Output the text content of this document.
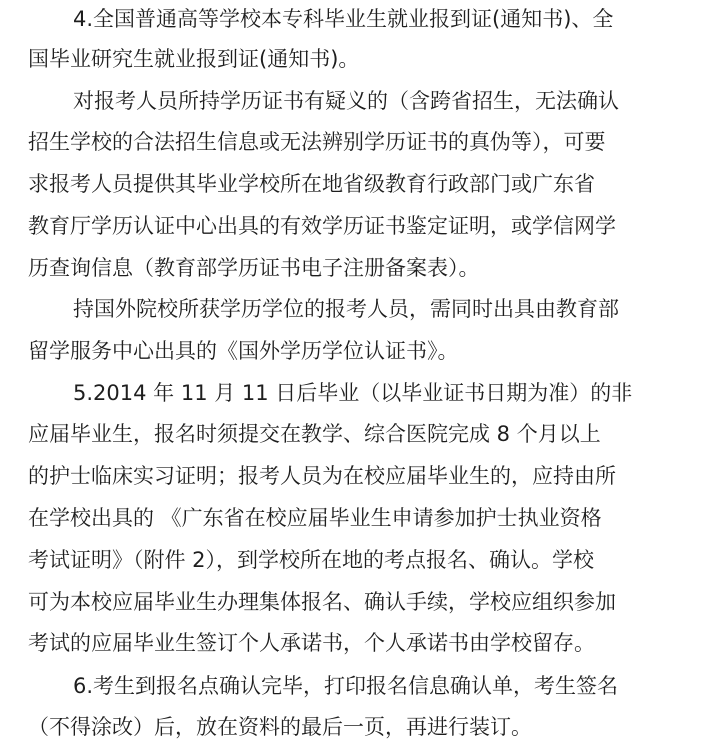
4.全国普通高等学校本专科毕业生就业报到证(通知书)、全
国毕业研究生就业报到证(通知书)。
对报考人员所持学历证书有疑义的（含跨省招生，无法确认
招生学校的合法招生信息或无法辨别学历证书的真伪等），可要
求报考人员提供其毕业学校所在地省级教育行政部门或广东省
教育厅学历认证中心出具的有效学历证书鉴定证明，或学信网学
历查询信息（教育部学历证书电子注册备案表）。
持国外院校所获学历学位的报考人员，需同时出具由教育部
留学服务中心出具的《国外学历学位认证书》。
5.2014 年 11 月 11 日后毕业（以毕业证书日期为准）的非
应届毕业生，报名时须提交在教学、综合医院完成 8 个月以上
的护士临床实习证明；报考人员为在校应届毕业生的，应持由所
在学校出具的 《广东省在校应届毕业生申请参加护士执业资格
考试证明》（附件 2），到学校所在地的考点报名、确认。学校
可为本校应届毕业生办理集体报名、确认手续，学校应组织参加
考试的应届毕业生签订个人承诺书，个人承诺书由学校留存。
6.考生到报名点确认完毕，打印报名信息确认单，考生签名
（不得涂改）后，放在资料的最后一页，再进行装订。
